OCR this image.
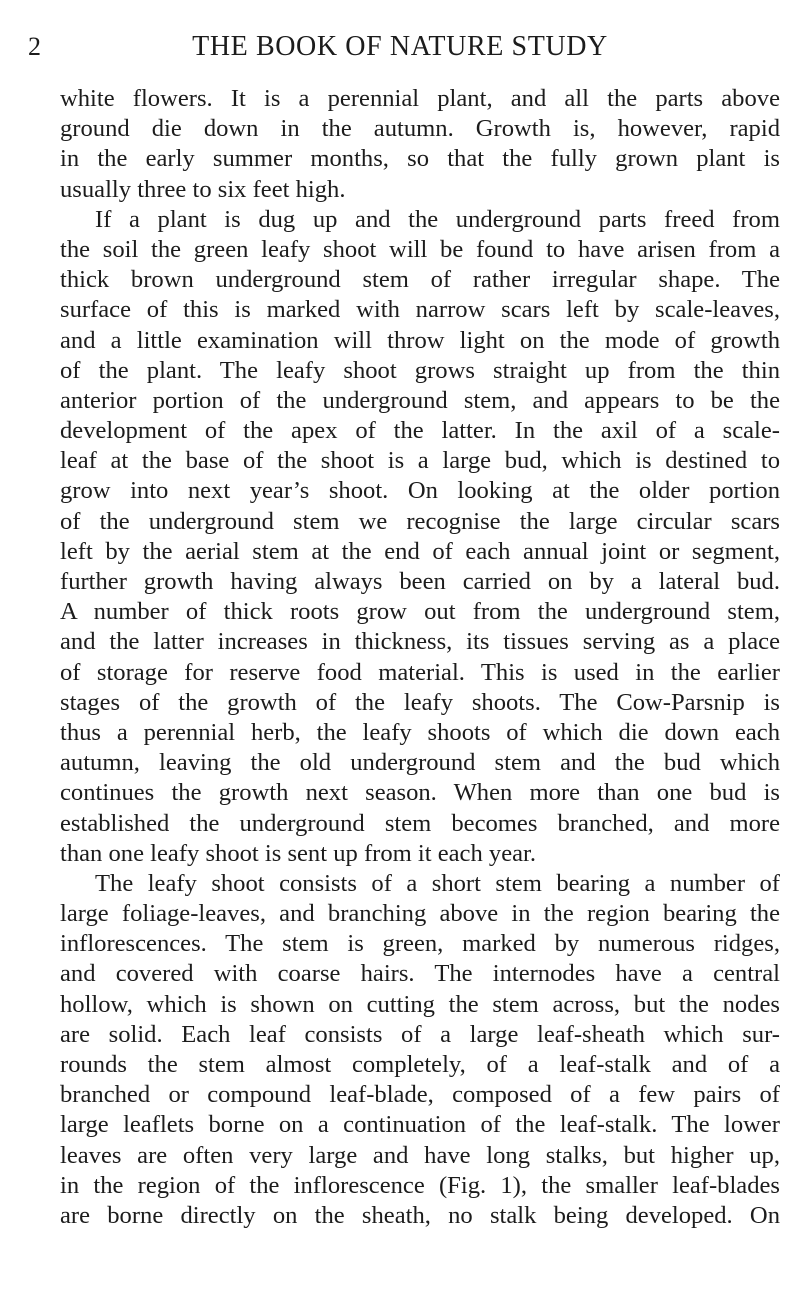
2	THE BOOK OF NATURE STUDY
white flowers. It is a perennial plant, and all the parts above
ground die down in the autumn. Growth is, however, rapid
in the early summer months, so that the fully grown plant is
usually three to six feet high.
If a plant is dug up and the underground parts freed from
the soil the green leafy shoot will be found to have arisen from a
thick brown underground stem of rather irregular shape. The
surface of this is marked with narrow scars left by scale-leaves,
and a little examination will throw light on the mode of growth
of the plant. The leafy shoot grows straight up from the thin
anterior portion of the underground stem, and appears to be the
development of the apex of the latter. In the axil of a scale-
leaf at the base of the shoot is a large bud, which is destined to
grow into next year’s shoot. On looking at the older portion
of the underground stem we recognise the large circular scars
left by the aerial stem at the end of each annual joint or segment,
further growth having always been carried on by a lateral bud.
A number of thick roots grow out from the underground stem,
and the latter increases in thickness, its tissues serving as a place
of storage for reserve food material. This is used in the earlier
stages of the growth of the leafy shoots. The Cow-Parsnip is
thus a perennial herb, the leafy shoots of which die down each
autumn, leaving the old underground stem and the bud which
continues the growth next season. When more than one bud is
established the underground stem becomes branched, and more
than one leafy shoot is sent up from it each year.
The leafy shoot consists of a short stem bearing a number of
large foliage-leaves, and branching above in the region bearing the
inflorescences. The stem is green, marked by numerous ridges,
and covered with coarse hairs. The internodes have a central
hollow, which is shown on cutting the stem across, but the nodes
are solid. Each leaf consists of a large leaf-sheath which sur-
rounds the stem almost completely, of a leaf-stalk and of a
branched or compound leaf-blade, composed of a few pairs of
large leaflets borne on a continuation of the leaf-stalk. The lower
leaves are often very large and have long stalks, but higher up,
in the region of the inflorescence (Fig. 1), the smaller leaf-blades
are borne directly on the sheath, no stalk being developed. On
